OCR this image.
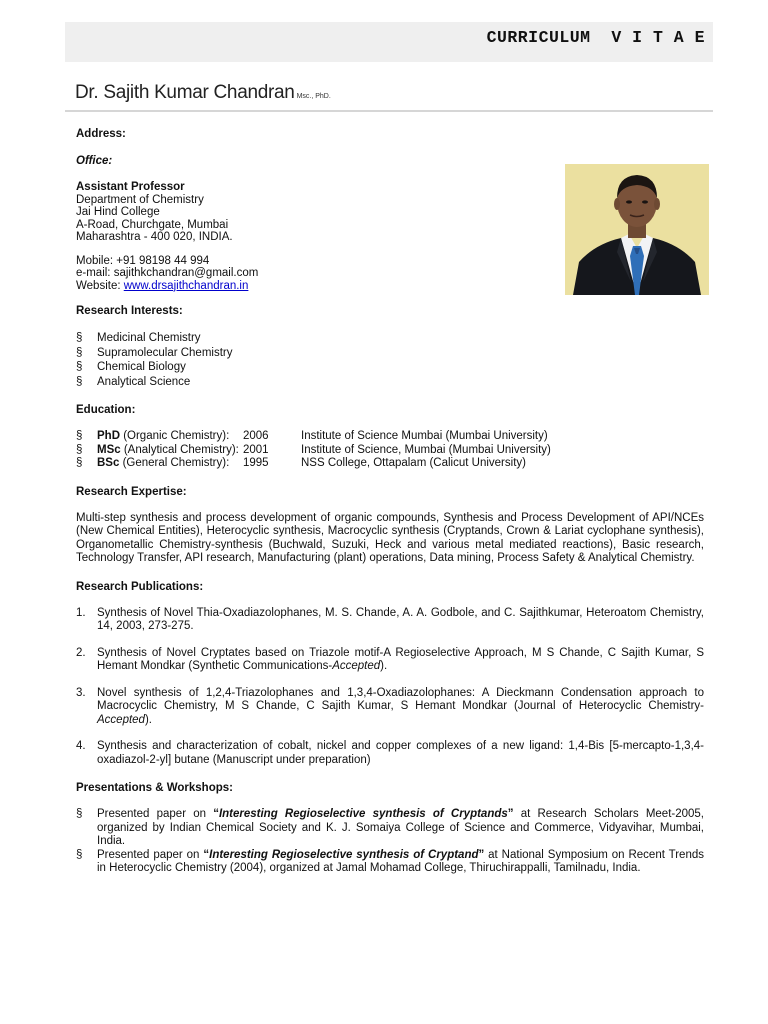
CURRICULUM  V I T A E
Dr. Sajith Kumar Chandran Msc., PhD.
Address:
Office:
Assistant Professor
Department of Chemistry
Jai Hind College
A-Road, Churchgate, Mumbai
Maharashtra - 400 020, INDIA.
Mobile: +91 98198 44 994
e-mail: sajithkchandran@gmail.com
Website: www.drsajithchandran.in
Research Interests:
§ Medicinal Chemistry
§ Supramolecular Chemistry
§ Chemical Biology
§ Analytical Science
Education:
§ PhD (Organic Chemistry): 2006	Institute of Science Mumbai (Mumbai University)
§ MSc (Analytical Chemistry): 2001	Institute of Science, Mumbai (Mumbai University)
§ BSc (General Chemistry): 1995	NSS College, Ottapalam (Calicut University)
Research Expertise:
Multi-step synthesis and process development of organic compounds, Synthesis and Process Development of API/NCEs (New Chemical Entities), Heterocyclic synthesis, Macrocyclic synthesis (Cryptands, Crown & Lariat cyclophane synthesis), Organometallic Chemistry-synthesis (Buchwald, Suzuki, Heck and various metal mediated reactions), Basic research, Technology Transfer, API research, Manufacturing (plant) operations, Data mining, Process Safety & Analytical Chemistry.
Research Publications:
1. Synthesis of Novel Thia-Oxadiazolophanes, M. S. Chande, A. A. Godbole, and C. Sajithkumar, Heteroatom Chemistry, 14, 2003, 273-275.
2. Synthesis of Novel Cryptates based on Triazole motif-A Regioselective Approach, M S Chande, C Sajith Kumar, S Hemant Mondkar (Synthetic Communications-Accepted).
3. Novel synthesis of 1,2,4-Triazolophanes and 1,3,4-Oxadiazolophanes: A Dieckmann Condensation approach to Macrocyclic Chemistry, M S Chande, C Sajith Kumar, S Hemant Mondkar (Journal of Heterocyclic Chemistry-Accepted).
4. Synthesis and characterization of cobalt, nickel and copper complexes of a new ligand: 1,4-Bis [5-mercapto-1,3,4-oxadiazol-2-yl] butane (Manuscript under preparation)
Presentations & Workshops:
§ Presented paper on “Interesting Regioselective synthesis of Cryptands” at Research Scholars Meet-2005, organized by Indian Chemical Society and K. J. Somaiya College of Science and Commerce, Vidyavihar, Mumbai, India.
§ Presented paper on “Interesting Regioselective synthesis of Cryptand” at National Symposium on Recent Trends in Heterocyclic Chemistry (2004), organized at Jamal Mohamad College, Thiruchirappalli, Tamilnadu, India.
